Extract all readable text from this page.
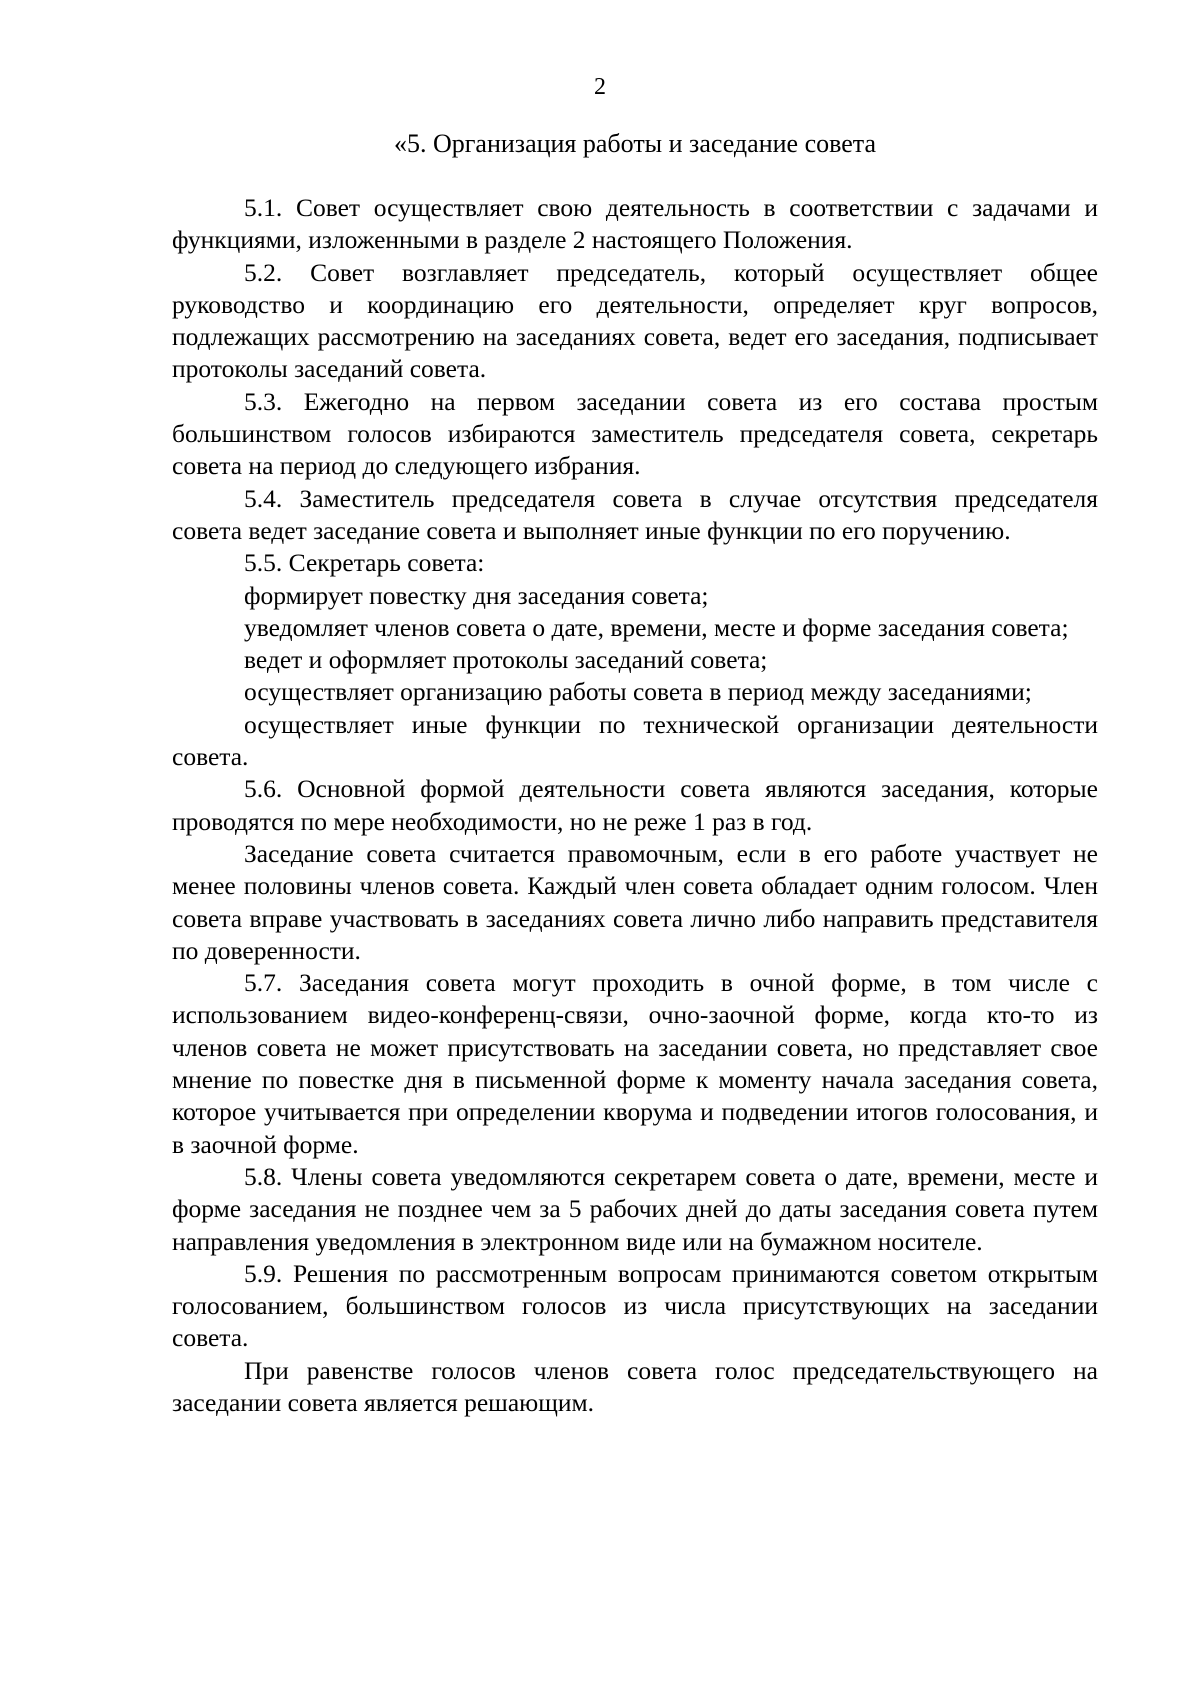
2
«5. Организация работы и заседание совета

5.1. Совет осуществляет свою деятельность в соответствии с задачами и функциями, изложенными в разделе 2 настоящего Положения.

5.2. Совет возглавляет председатель, который осуществляет общее руководство и координацию его деятельности, определяет круг вопросов, подлежащих рассмотрению на заседаниях совета, ведет его заседания, подписывает протоколы заседаний совета.

5.3. Ежегодно на первом заседании совета из его состава простым большинством голосов избираются заместитель председателя совета, секретарь совета на период до следующего избрания.

5.4. Заместитель председателя совета в случае отсутствия председателя совета ведет заседание совета и выполняет иные функции по его поручению.

5.5. Секретарь совета:

формирует повестку дня заседания совета;

уведомляет членов совета о дате, времени, месте и форме заседания совета;

ведет и оформляет протоколы заседаний совета;

осуществляет организацию работы совета в период между заседаниями;

осуществляет иные функции по технической организации деятельности совета.

5.6. Основной формой деятельности совета являются заседания, которые проводятся по мере необходимости, но не реже 1 раз в год.

Заседание совета считается правомочным, если в его работе участвует не менее половины членов совета. Каждый член совета обладает одним голосом. Член совета вправе участвовать в заседаниях совета лично либо направить представителя по доверенности.

5.7. Заседания совета могут проходить в очной форме, в том числе с использованием видео-конференц-связи, очно-заочной форме, когда кто-то из членов совета не может присутствовать на заседании совета, но представляет свое мнение по повестке дня в письменной форме к моменту начала заседания совета, которое учитывается при определении кворума и подведении итогов голосования, и в заочной форме.

5.8. Члены совета уведомляются секретарем совета о дате, времени, месте и форме заседания не позднее чем за 5 рабочих дней до даты заседания совета путем направления уведомления в электронном виде или на бумажном носителе.

5.9. Решения по рассмотренным вопросам принимаются советом открытым голосованием, большинством голосов из числа присутствующих на заседании совета.

При равенстве голосов членов совета голос председательствующего на заседании совета является решающим.
